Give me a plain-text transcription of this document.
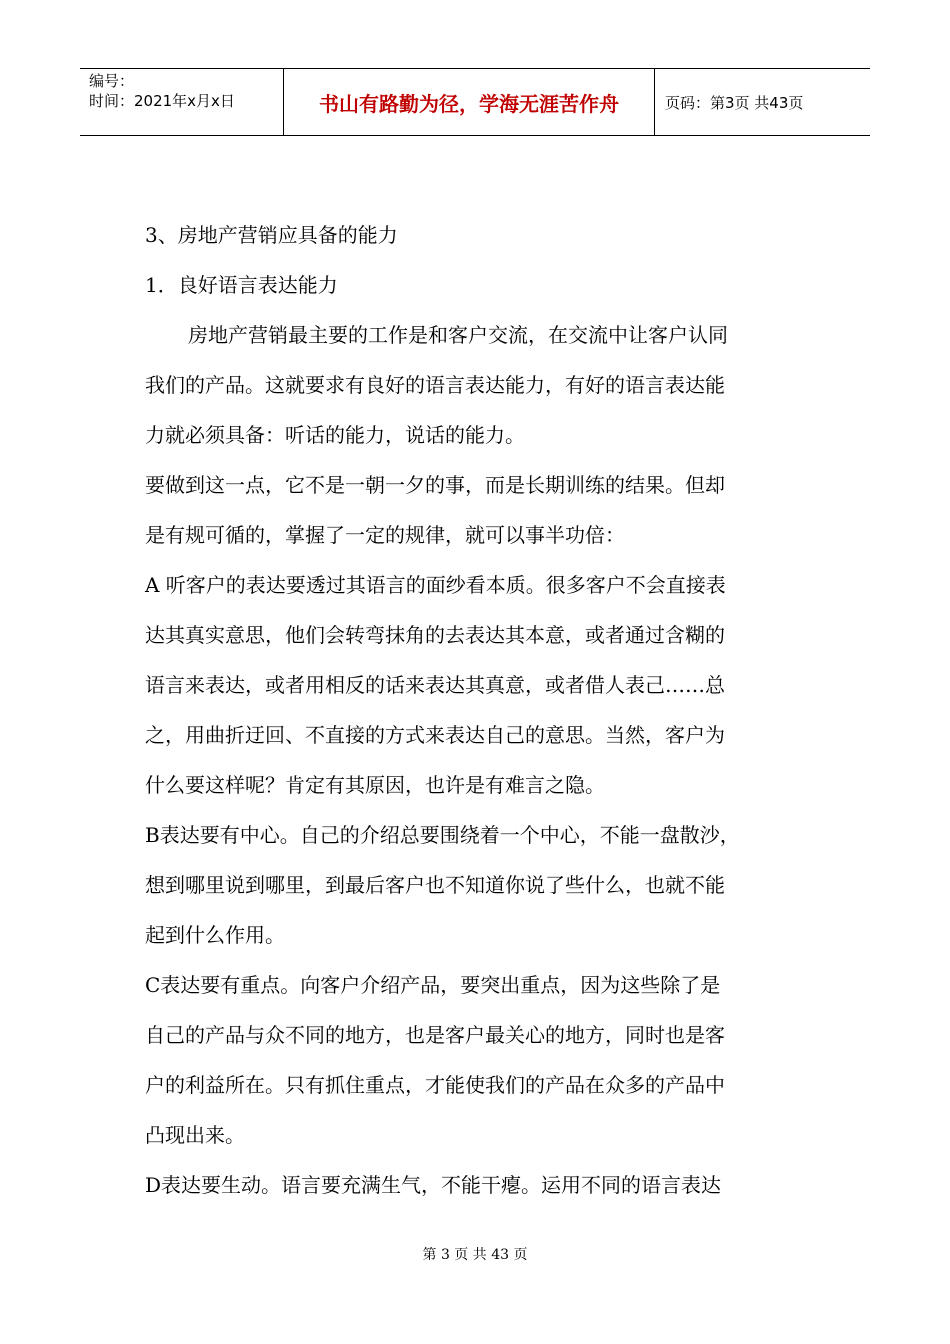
编号：
时间：2021年x月x日	书山有路勤为径，学海无涯苦作舟	页码：第3页 共43页

3、房地产营销应具备的能力

1．良好语言表达能力

房地产营销最主要的工作是和客户交流，在交流中让客户认同

我们的产品。这就要求有良好的语言表达能力，有好的语言表达能

力就必须具备：听话的能力，说话的能力。

要做到这一点，它不是一朝一夕的事，而是长期训练的结果。但却

是有规可循的，掌握了一定的规律，就可以事半功倍：

A 听客户的表达要透过其语言的面纱看本质。很多客户不会直接表

达其真实意思，他们会转弯抹角的去表达其本意，或者通过含糊的

语言来表达，或者用相反的话来表达其真意，或者借人表己……总

之，用曲折迂回、不直接的方式来表达自己的意思。当然，客户为

什么要这样呢？肯定有其原因，也许是有难言之隐。

B表达要有中心。自己的介绍总要围绕着一个中心，不能一盘散沙，

想到哪里说到哪里，到最后客户也不知道你说了些什么，也就不能

起到什么作用。

C表达要有重点。向客户介绍产品，要突出重点，因为这些除了是

自己的产品与众不同的地方，也是客户最关心的地方，同时也是客

户的利益所在。只有抓住重点，才能使我们的产品在众多的产品中

凸现出来。

D表达要生动。语言要充满生气，不能干瘪。运用不同的语言表达

第 3 页 共 43 页
